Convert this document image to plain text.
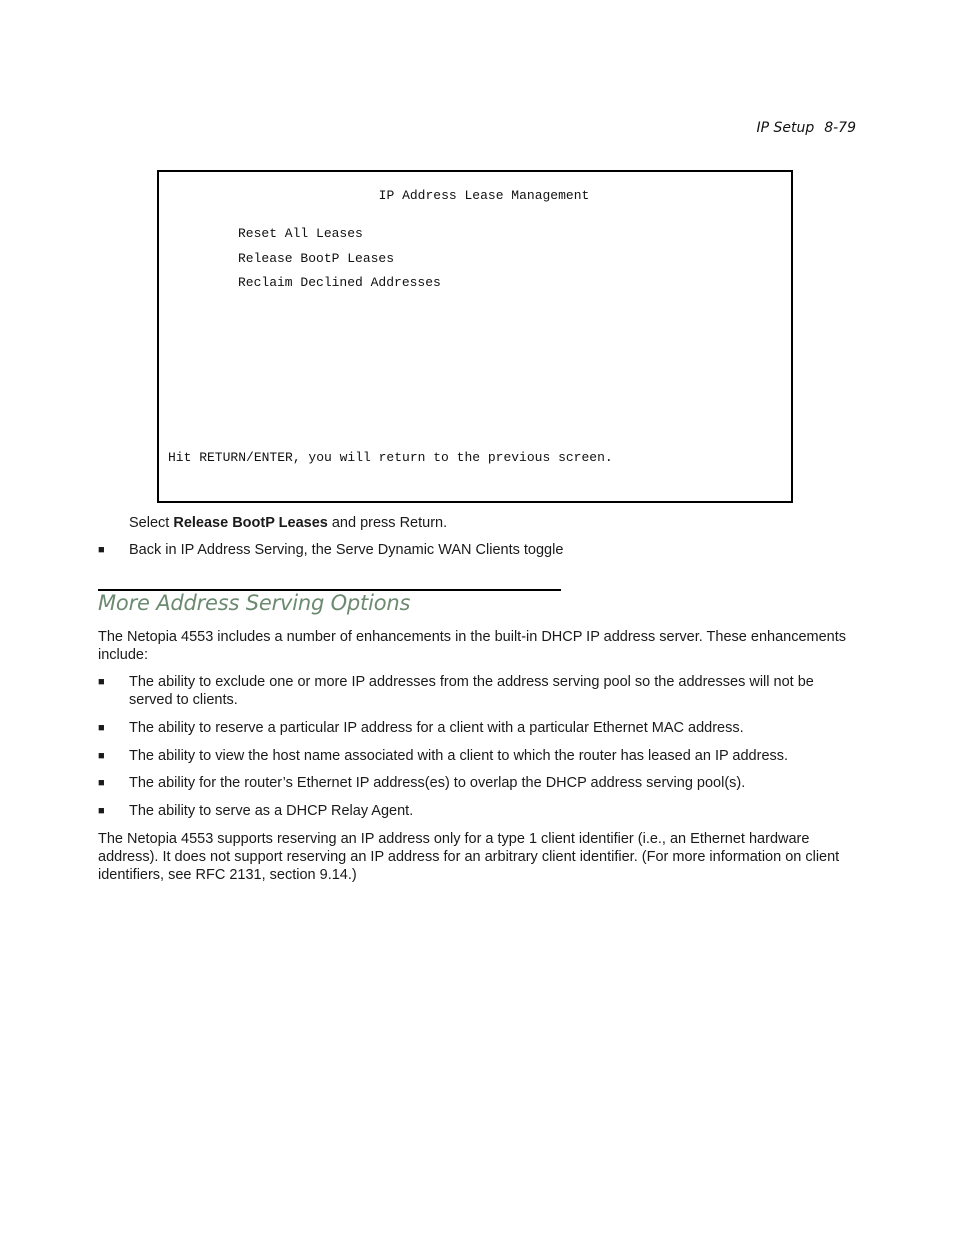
IP Setup 8-79
IP Address Lease Management
Reset All Leases
Release BootP Leases
Reclaim Declined Addresses
Hit RETURN/ENTER, you will return to the previous screen.
Select Release BootP Leases and press Return.
■ Back in IP Address Serving, the Serve Dynamic WAN Clients toggle
More Address Serving Options
The Netopia 4553 includes a number of enhancements in the built-in DHCP IP address server. These enhancements include:
■ The ability to exclude one or more IP addresses from the address serving pool so the addresses will not be served to clients.
■ The ability to reserve a particular IP address for a client with a particular Ethernet MAC address.
■ The ability to view the host name associated with a client to which the router has leased an IP address.
■ The ability for the router’s Ethernet IP address(es) to overlap the DHCP address serving pool(s).
■ The ability to serve as a DHCP Relay Agent.
The Netopia 4553 supports reserving an IP address only for a type 1 client identifier (i.e., an Ethernet hardware address). It does not support reserving an IP address for an arbitrary client identifier. (For more information on client identifiers, see RFC 2131, section 9.14.)
